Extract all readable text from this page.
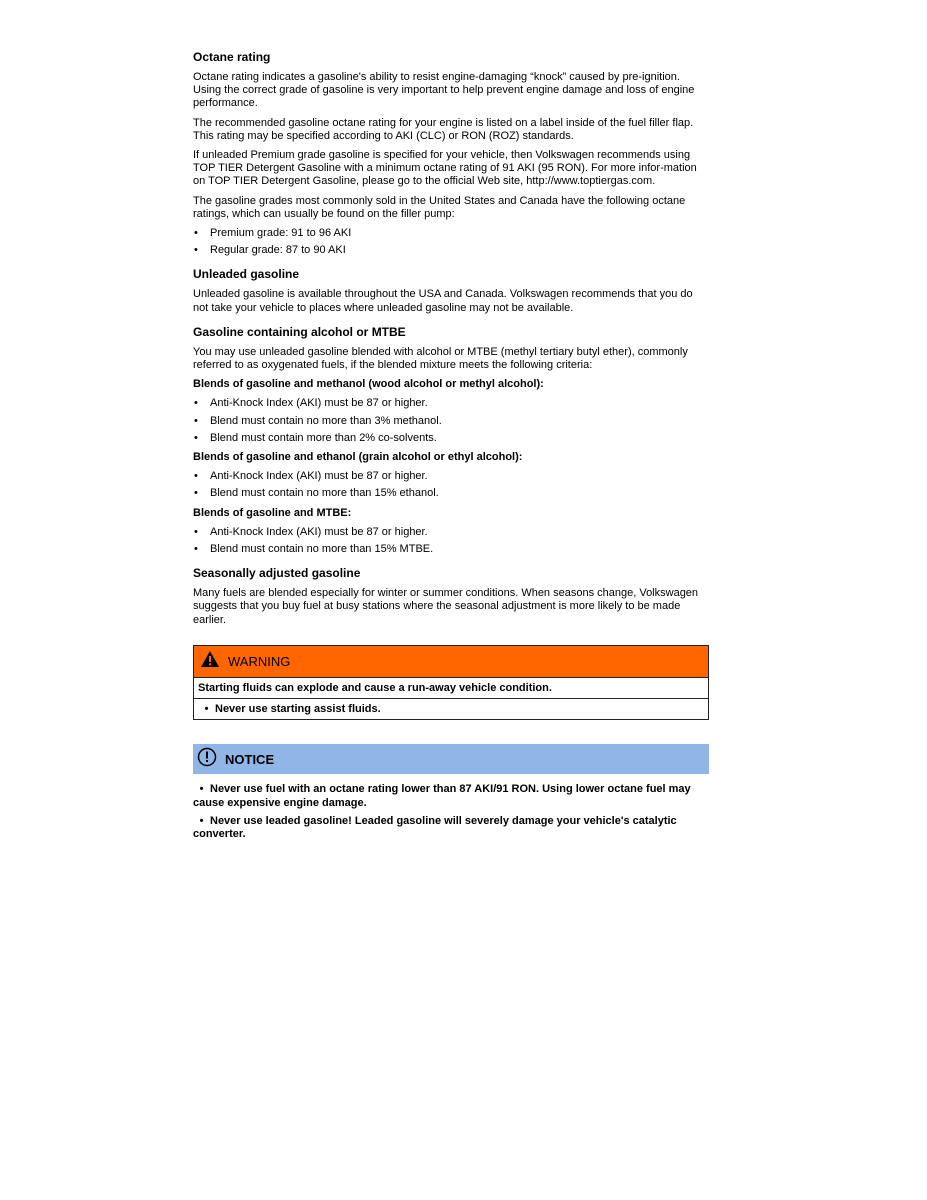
Octane rating

Octane rating indicates a gasoline's ability to resist engine-damaging “knock” caused by pre-ignition. Using the correct grade of gasoline is very important to help prevent engine damage and loss of engine performance.

The recommended gasoline octane rating for your engine is listed on a label inside of the fuel filler flap. This rating may be specified according to AKI (CLC) or RON (ROZ) standards.

If unleaded Premium grade gasoline is specified for your vehicle, then Volkswagen recommends using TOP TIER Detergent Gasoline with a minimum octane rating of 91 AKI (95 RON). For more infor-mation on TOP TIER Detergent Gasoline, please go to the official Web site, http://www.toptiergas.com.

The gasoline grades most commonly sold in the United States and Canada have the following octane ratings, which can usually be found on the filler pump:

• Premium grade: 91 to 96 AKI
• Regular grade: 87 to 90 AKI
Unleaded gasoline

Unleaded gasoline is available throughout the USA and Canada. Volkswagen recommends that you do not take your vehicle to places where unleaded gasoline may not be available.

Gasoline containing alcohol or MTBE

You may use unleaded gasoline blended with alcohol or MTBE (methyl tertiary butyl ether), commonly referred to as oxygenated fuels, if the blended mixture meets the following criteria:

Blends of gasoline and methanol (wood alcohol or methyl alcohol):
• Anti-Knock Index (AKI) must be 87 or higher.
• Blend must contain no more than 3% methanol.
• Blend must contain more than 2% co-solvents.
Blends of gasoline and ethanol (grain alcohol or ethyl alcohol):
• Anti-Knock Index (AKI) must be 87 or higher.
• Blend must contain no more than 15% ethanol.
Blends of gasoline and MTBE:
• Anti-Knock Index (AKI) must be 87 or higher.
• Blend must contain no more than 15% MTBE.
Seasonally adjusted gasoline

Many fuels are blended especially for winter or summer conditions. When seasons change, Volkswagen suggests that you buy fuel at busy stations where the seasonal adjustment is more likely to be made earlier.

WARNING
Starting fluids can explode and cause a run-away vehicle condition.
• Never use starting assist fluids.
NOTICE
• Never use fuel with an octane rating lower than 87 AKI/91 RON. Using lower octane fuel may cause expensive engine damage.
• Never use leaded gasoline! Leaded gasoline will severely damage your vehicle's catalytic converter.
